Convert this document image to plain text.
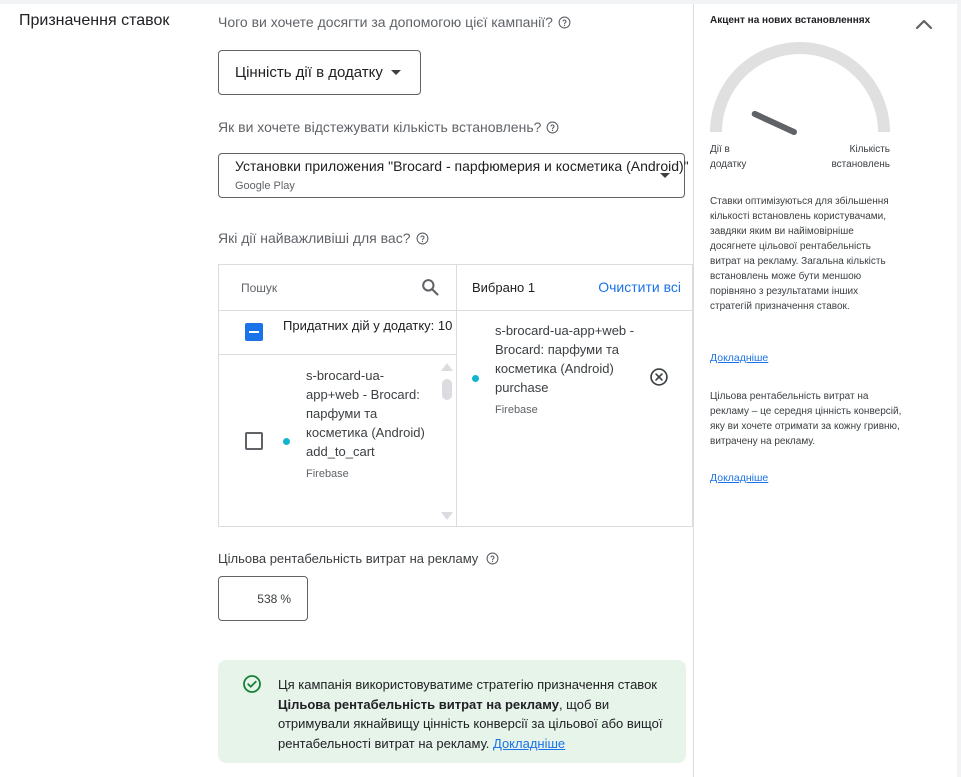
Призначення ставок	Чого ви хочете досягти за допомогою цієї кампанії?
Цінність дії в додатку
Як ви хочете відстежувати кількість встановлень?
Установки приложения "Brocard - парфюмерия и косметика (Android)"
Google Play
Які дії найважливіші для вас?
Пошук
Придатних дій у додатку: 10
s-brocard-ua-app+web - Brocard: парфуми та косметика (Android) add_to_cart
Firebase
Вибрано 1	Очистити всі
s-brocard-ua-app+web - Brocard: парфуми та косметика (Android) purchase
Firebase
Цільова рентабельність витрат на рекламу
538 %
Ця кампанія використовуватиме стратегію призначення ставок Цільова рентабельність витрат на рекламу, щоб ви отримували якнайвищу цінність конверсії за цільової або вищої рентабельності витрат на рекламу. Докладніше
Акцент на нових встановленнях
Дії в додатку
Кількість встановлень
Ставки оптимізуються для збільшення кількості встановлень користувачами, завдяки яким ви найімовірніше досягнете цільової рентабельність витрат на рекламу. Загальна кількість встановлень може бути меншою порівняно з результатами інших стратегій призначення ставок.
Докладніше
Цільова рентабельність витрат на рекламу – це середня цінність конверсій, яку ви хочете отримати за кожну гривню, витрачену на рекламу.
Докладніше
